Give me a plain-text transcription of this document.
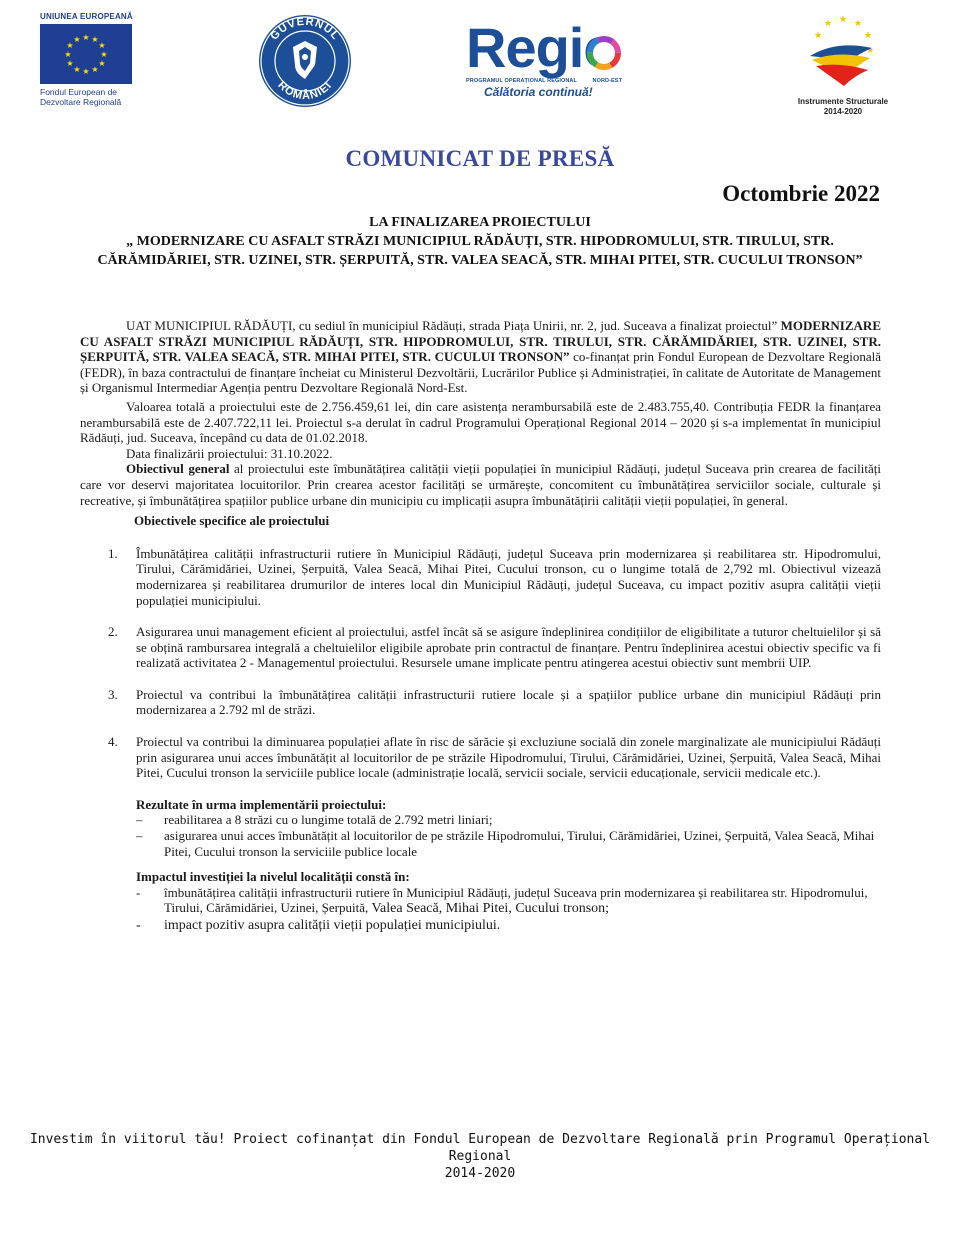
UNIUNEA EUROPEANĂ
★ ★
★
★
★
★
★
★
★
★
★
★
Fondul European de
Dezvoltare Regională
GUVERNUL
ROMÂNIEI
Regio
PROGRAMUL OPERAȚIONAL REGIONAL	NORD-EST
Călătoria continuă!
★ ★
★
★
★
★
Instrumente Structurale
2014-2020
COMUNICAT DE PRESĂ
Octombrie 2022
LA FINALIZAREA PROIECTULUI
„ MODERNIZARE CU ASFALT STRĂZI MUNICIPIUL RĂDĂUȚI, STR. HIPODROMULUI, STR. TIRULUI, STR. CĂRĂMIDĂRIEI, STR. UZINEI, STR. ȘERPUITĂ, STR. VALEA SEACĂ, STR. MIHAI PITEI, STR. CUCULUI TRONSON”

UAT MUNICIPIUL RĂDĂUȚI, cu sediul în municipiul Rădăuți, strada Piața Unirii, nr. 2, jud. Suceava a finalizat proiectul” MODERNIZARE CU ASFALT STRĂZI MUNICIPIUL RĂDĂUȚI, STR. HIPODROMULUI, STR. TIRULUI, STR. CĂRĂMIDĂRIEI, STR. UZINEI, STR. ȘERPUITĂ, STR. VALEA SEACĂ, STR. MIHAI PITEI, STR. CUCULUI TRONSON” co-finanțat prin Fondul European de Dezvoltare Regională (FEDR), în baza contractului de finanțare încheiat cu Ministerul Dezvoltării, Lucrărilor Publice și Administrației, în calitate de Autoritate de Management și Organismul Intermediar Agenția pentru Dezvoltare Regională Nord-Est.

Valoarea totală a proiectului este de 2.756.459,61 lei, din care asistența nerambursabilă este de 2.483.755,40. Contribuția FEDR la finanțarea nerambursabilă este de 2.407.722,11 lei. Proiectul s-a derulat în cadrul Programului Operațional Regional 2014 – 2020 și s-a implementat în municipiul Rădăuți, jud. Suceava, începând cu data de 01.02.2018.

Data finalizării proiectului: 31.10.2022.

Obiectivul general al proiectului este îmbunătățirea calității vieții populației în municipiul Rădăuți, județul Suceava prin crearea de facilități care vor deservi majoritatea locuitorilor. Prin crearea acestor facilități se urmărește, concomitent cu îmbunătățirea serviciilor sociale, culturale și recreative, și îmbunătățirea spațiilor publice urbane din municipiu cu implicații asupra îmbunătățirii calității vieții populației, în general.

Obiectivele specifice ale proiectului

1. Îmbunătățirea calității infrastructurii rutiere în Municipiul Rădăuți, județul Suceava prin modernizarea și reabilitarea str. Hipodromului, Tirului, Cărămidăriei, Uzinei, Șerpuită, Valea Seacă, Mihai Pitei, Cucului tronson, cu o lungime totală de 2,792 ml. Obiectivul vizează modernizarea și reabilitarea drumurilor de interes local din Municipiul Rădăuți, județul Suceava, cu impact pozitiv asupra calității vieții populației municipiului.
2. Asigurarea unui management eficient al proiectului, astfel încât să se asigure îndeplinirea condițiilor de eligibilitate a tuturor cheltuielilor și să se obțină rambursarea integrală a cheltuielilor eligibile aprobate prin contractul de finanțare. Pentru îndeplinirea acestui obiectiv specific va fi realizată activitatea 2 - Managementul proiectului. Resursele umane implicate pentru atingerea acestui obiectiv sunt membrii UIP.
3. Proiectul va contribui la îmbunătățirea calității infrastructurii rutiere locale și a spațiilor publice urbane din municipiul Rădăuți prin modernizarea a 2.792 ml de străzi.
4. Proiectul va contribui la diminuarea populației aflate în risc de sărăcie și excluziune socială din zonele marginalizate ale municipiului Rădăuți prin asigurarea unui acces îmbunătățit al locuitorilor de pe străzile Hipodromului, Tirului, Cărămidăriei, Uzinei, Șerpuită, Valea Seacă, Mihai Pitei, Cucului tronson la serviciile publice locale (administrație locală, servicii sociale, servicii educaționale, servicii medicale etc.).

Rezultate în urma implementării proiectului:

– reabilitarea a 8 străzi cu o lungime totală de 2.792 metri liniari;
– asigurarea unui acces îmbunătățit al locuitorilor de pe străzile Hipodromului, Tirului, Cărămidăriei, Uzinei, Șerpuită, Valea Seacă, Mihai Pitei, Cucului tronson la serviciile publice locale

Impactul investiției la nivelul localității constă în:

- îmbunătățirea calității infrastructurii rutiere în Municipiul Rădăuți, județul Suceava prin modernizarea și reabilitarea str. Hipodromului, Tirului, Cărămidăriei, Uzinei, Șerpuită, Valea Seacă, Mihai Pitei, Cucului tronson;
- impact pozitiv asupra calității vieții populației municipiului.
Investim în viitorul tău! Proiect cofinanțat din Fondul European de Dezvoltare Regională prin Programul Operațional Regional
2014-2020
